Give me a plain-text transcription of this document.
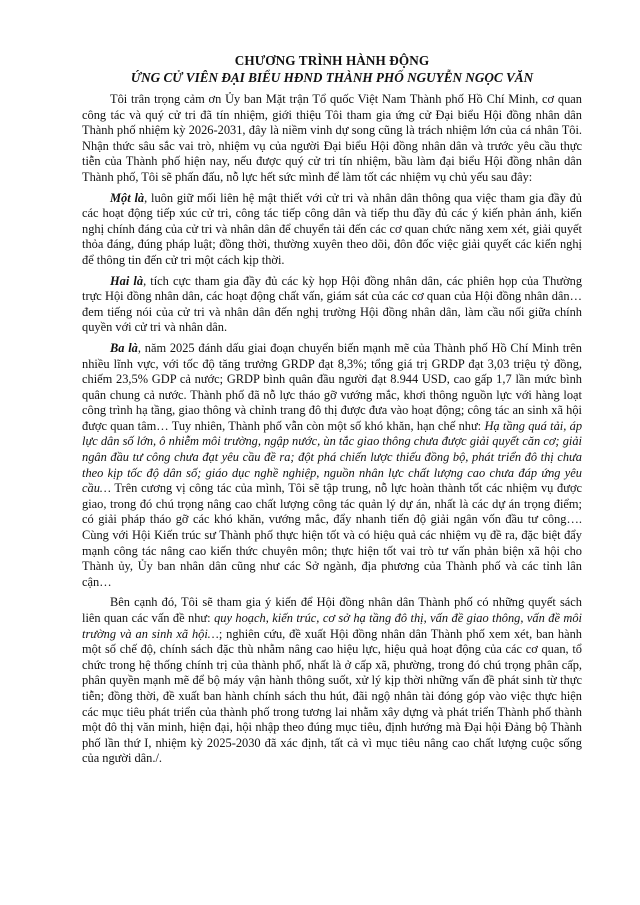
CHƯƠNG TRÌNH HÀNH ĐỘNG

ỨNG CỬ VIÊN ĐẠI BIỂU HĐND THÀNH PHỐ NGUYỄN NGỌC VĂN

Tôi trân trọng cảm ơn Ủy ban Mặt trận Tổ quốc Việt Nam Thành phố Hồ Chí Minh, cơ quan công tác và quý cử tri đã tín nhiệm, giới thiệu Tôi tham gia ứng cử Đại biểu Hội đồng nhân dân Thành phố nhiệm kỳ 2026-2031, đây là niềm vinh dự song cũng là trách nhiệm lớn của cá nhân Tôi. Nhận thức sâu sắc vai trò, nhiệm vụ của người Đại biểu Hội đồng nhân dân và trước yêu cầu thực tiễn của Thành phố hiện nay, nếu được quý cử tri tín nhiệm, bầu làm đại biểu Hội đồng nhân dân Thành phố, Tôi sẽ phấn đấu, nỗ lực hết sức mình để làm tốt các nhiệm vụ chủ yếu sau đây:

Một là, luôn giữ mối liên hệ mật thiết với cử tri và nhân dân thông qua việc tham gia đầy đủ các hoạt động tiếp xúc cử tri, công tác tiếp công dân và tiếp thu đầy đủ các ý kiến phản ánh, kiến nghị chính đáng của cử tri và nhân dân để chuyển tải đến các cơ quan chức năng xem xét, giải quyết thỏa đáng, đúng pháp luật; đồng thời, thường xuyên theo dõi, đôn đốc việc giải quyết các kiến nghị để thông tin đến cử tri một cách kịp thời.

Hai là, tích cực tham gia đầy đủ các kỳ họp Hội đồng nhân dân, các phiên họp của Thường trực Hội đồng nhân dân, các hoạt động chất vấn, giám sát của các cơ quan của Hội đồng nhân dân…đem tiếng nói của cử tri và nhân dân đến nghị trường Hội đồng nhân dân, làm cầu nối giữa chính quyền với cử tri và nhân dân.

Ba là, năm 2025 đánh dấu giai đoạn chuyển biến mạnh mẽ của Thành phố Hồ Chí Minh trên nhiều lĩnh vực, với tốc độ tăng trưởng GRDP đạt 8,3%; tổng giá trị GRDP đạt 3,03 triệu tỷ đồng, chiếm 23,5% GDP cả nước; GRDP bình quân đầu người đạt 8.944 USD, cao gấp 1,7 lần mức bình quân chung cả nước. Thành phố đã nỗ lực tháo gỡ vướng mắc, khơi thông nguồn lực với hàng loạt công trình hạ tầng, giao thông và chỉnh trang đô thị được đưa vào hoạt động; công tác an sinh xã hội được quan tâm… Tuy nhiên, Thành phố vẫn còn một số khó khăn, hạn chế như: Hạ tầng quá tải, áp lực dân số lớn, ô nhiễm môi trường, ngập nước, ùn tắc giao thông chưa được giải quyết căn cơ; giải ngân đầu tư công chưa đạt yêu cầu đề ra; đột phá chiến lược thiếu đồng bộ, phát triển đô thị chưa theo kịp tốc độ dân số; giáo dục nghề nghiệp, nguồn nhân lực chất lượng cao chưa đáp ứng yêu cầu… Trên cương vị công tác của mình, Tôi sẽ tập trung, nỗ lực hoàn thành tốt các nhiệm vụ được giao, trong đó chú trọng nâng cao chất lượng công tác quản lý dự án, nhất là các dự án trọng điểm; có giải pháp tháo gỡ các khó khăn, vướng mắc, đẩy nhanh tiến độ giải ngân vốn đầu tư công…. Cùng với Hội Kiến trúc sư Thành phố thực hiện tốt và có hiệu quả các nhiệm vụ đề ra, đặc biệt đẩy mạnh công tác nâng cao kiến thức chuyên môn; thực hiện tốt vai trò tư vấn phản biện xã hội cho Thành ủy, Ủy ban nhân dân cũng như các Sở ngành, địa phương của Thành phố và các tỉnh lân cận…

Bên cạnh đó, Tôi sẽ tham gia ý kiến để Hội đồng nhân dân Thành phố có những quyết sách liên quan các vấn đề như: quy hoạch, kiến trúc, cơ sở hạ tầng đô thị, vấn đề giao thông, vấn đề môi trường và an sinh xã hội…; nghiên cứu, đề xuất Hội đồng nhân dân Thành phố xem xét, ban hành một số chế độ, chính sách đặc thù nhằm nâng cao hiệu lực, hiệu quả hoạt động của các cơ quan, tổ chức trong hệ thống chính trị của thành phố, nhất là ở cấp xã, phường, trong đó chú trọng phân cấp, phân quyền mạnh mẽ để bộ máy vận hành thông suốt, xử lý kịp thời những vấn đề phát sinh từ thực tiễn; đồng thời, đề xuất ban hành chính sách thu hút, đãi ngộ nhân tài đóng góp vào việc thực hiện các mục tiêu phát triển của thành phố trong tương lai nhằm xây dựng và phát triển Thành phố thành một đô thị văn minh, hiện đại, hội nhập theo đúng mục tiêu, định hướng mà Đại hội Đảng bộ Thành phố lần thứ I, nhiệm kỳ 2025-2030 đã xác định, tất cả vì mục tiêu nâng cao chất lượng cuộc sống của người dân./.
